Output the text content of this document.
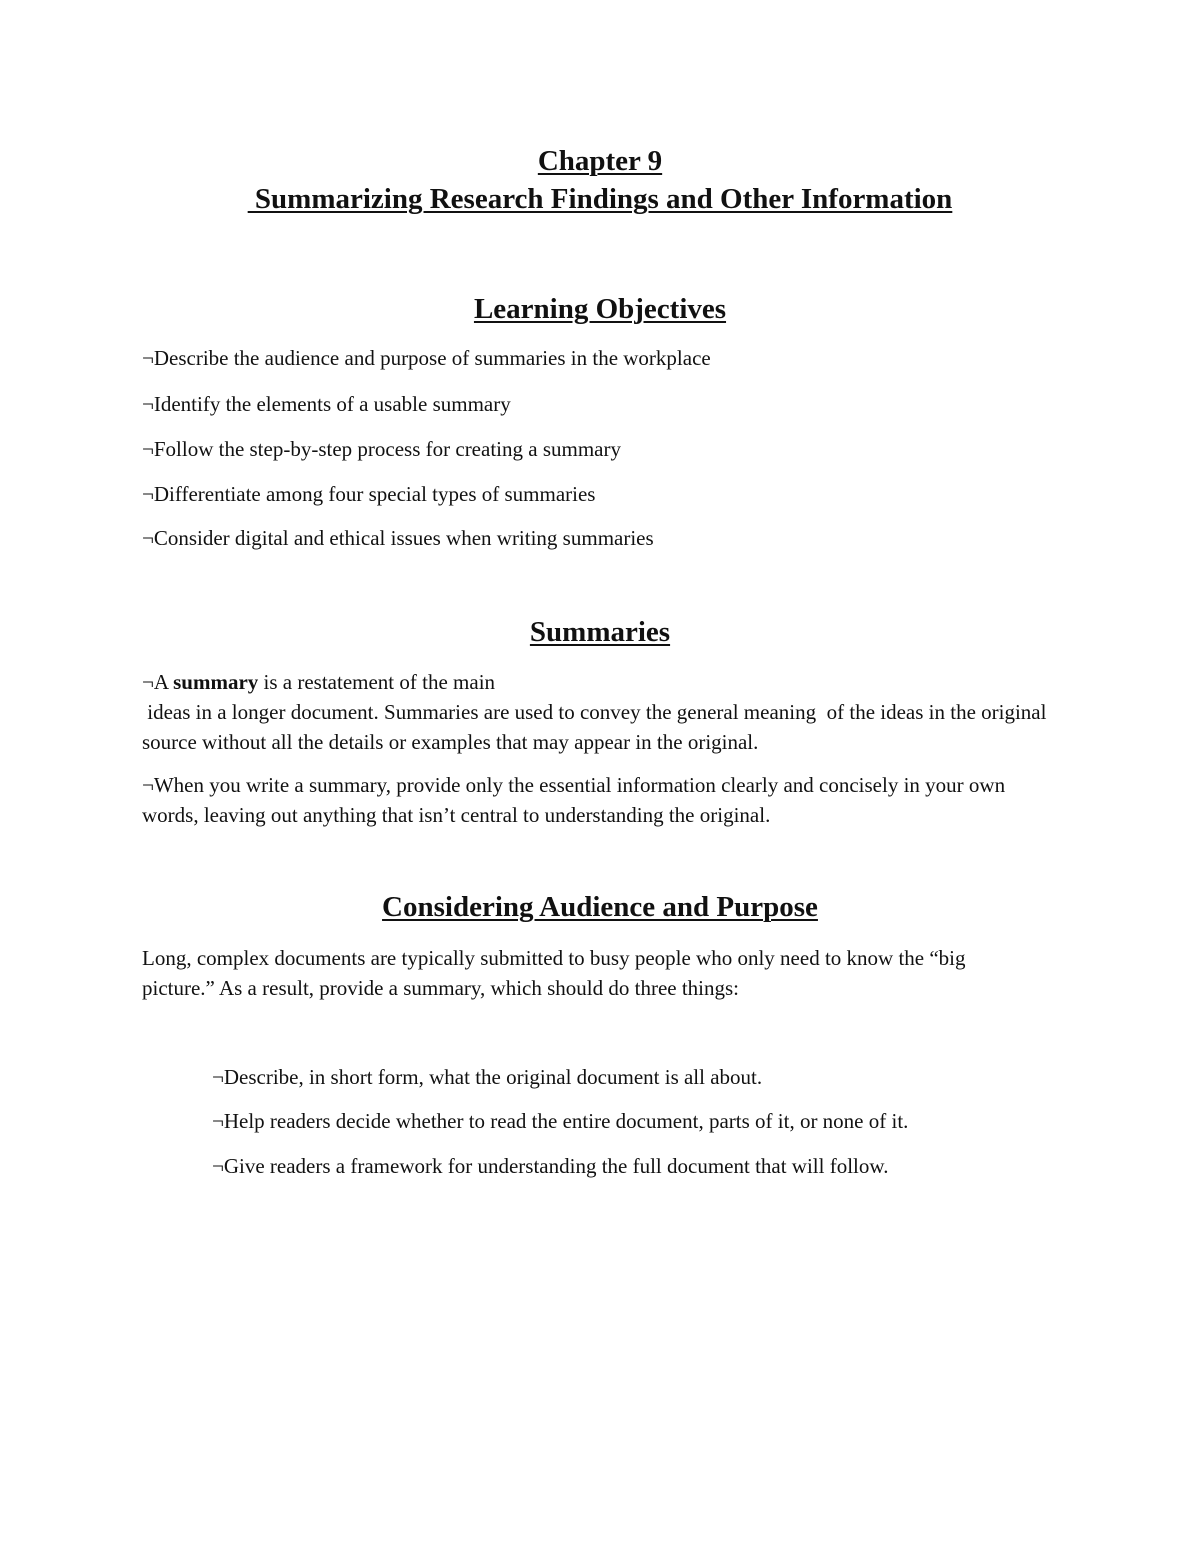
Chapter 9
Summarizing Research Findings and Other Information
Learning Objectives
¬Describe the audience and purpose of summaries in the workplace
¬Identify the elements of a usable summary
¬Follow the step-by-step process for creating a summary
¬Differentiate among four special types of summaries
¬Consider digital and ethical issues when writing summaries
Summaries
¬A summary is a restatement of the main
ideas in a longer document. Summaries are used to convey the general meaning  of the ideas in the original source without all the details or examples that may appear in the original.
¬When you write a summary, provide only the essential information clearly and concisely in your own words, leaving out anything that isn’t central to understanding the original.
Considering Audience and Purpose
Long, complex documents are typically submitted to busy people who only need to know the “big picture.” As a result, provide a summary, which should do three things:
¬Describe, in short form, what the original document is all about.
¬Help readers decide whether to read the entire document, parts of it, or none of it.
¬Give readers a framework for understanding the full document that will follow.
